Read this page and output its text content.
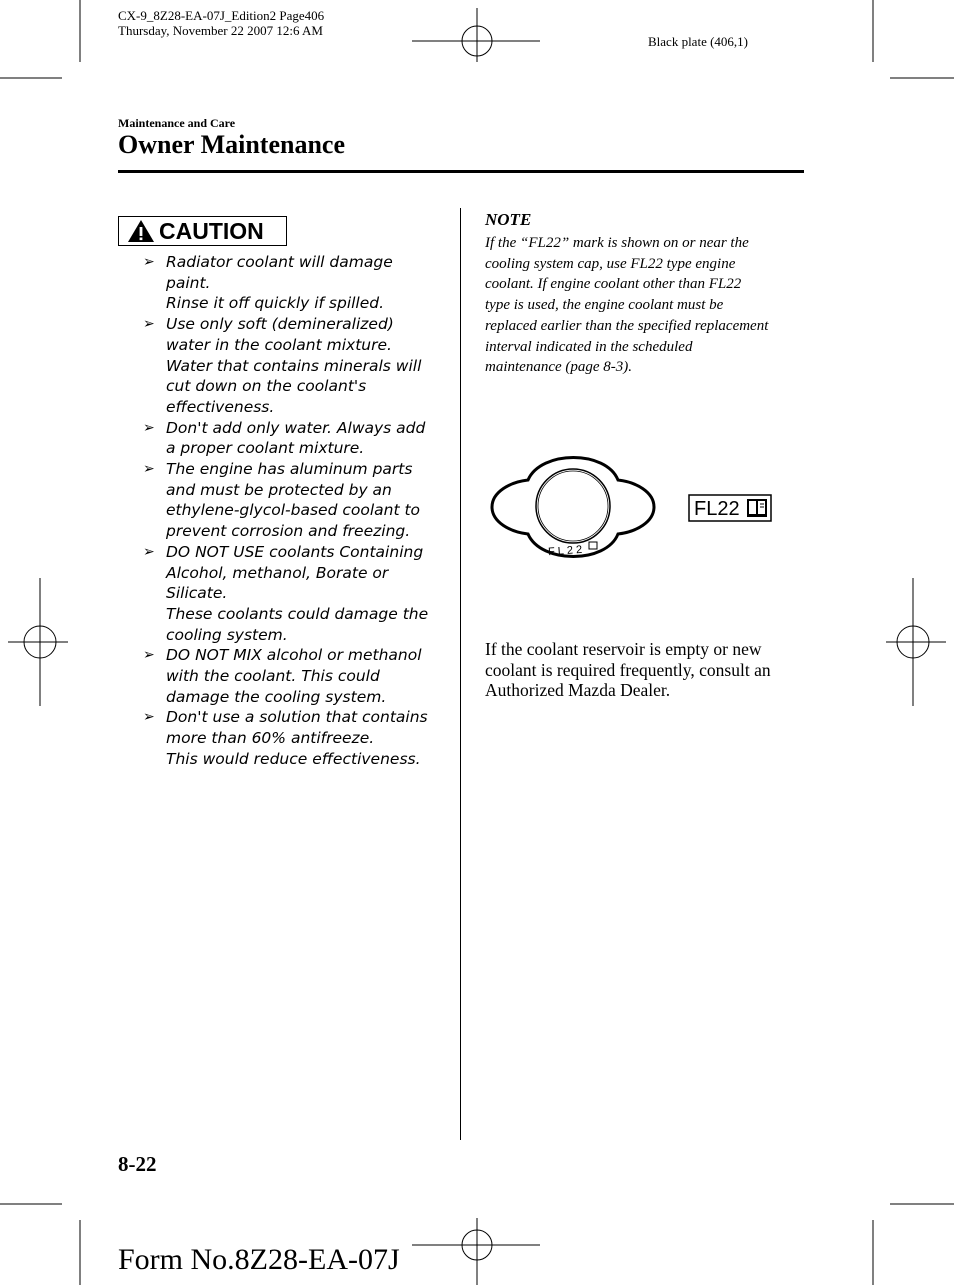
CX-9_8Z28-EA-07J_Edition2 Page406
Thursday, November 22 2007 12:6 AM
Black plate (406,1)
Maintenance and Care
Owner Maintenance
CAUTION
➢ Radiator coolant will damage
paint.
Rinse it off quickly if spilled.
➢ Use only soft (demineralized)
water in the coolant mixture.
Water that contains minerals will
cut down on the coolant's
effectiveness.
➢ Don't add only water. Always add
a proper coolant mixture.
➢ The engine has aluminum parts
and must be protected by an
ethylene-glycol-based coolant to
prevent corrosion and freezing.
➢ DO NOT USE coolants Containing
Alcohol, methanol, Borate or
Silicate.
These coolants could damage the
cooling system.
➢ DO NOT MIX alcohol or methanol
with the coolant. This could
damage the cooling system.
➢ Don't use a solution that contains
more than 60% antifreeze.
This would reduce effectiveness.
NOTE
If the “FL22” mark is shown on or near the
cooling system cap, use FL22 type engine
coolant. If engine coolant other than FL22
type is used, the engine coolant must be
replaced earlier than the specified replacement
interval indicated in the scheduled
maintenance (page 8-3).
FL22
FL22
If the coolant reservoir is empty or new
coolant is required frequently, consult an
Authorized Mazda Dealer.
8-22
Form No.8Z28-EA-07J
